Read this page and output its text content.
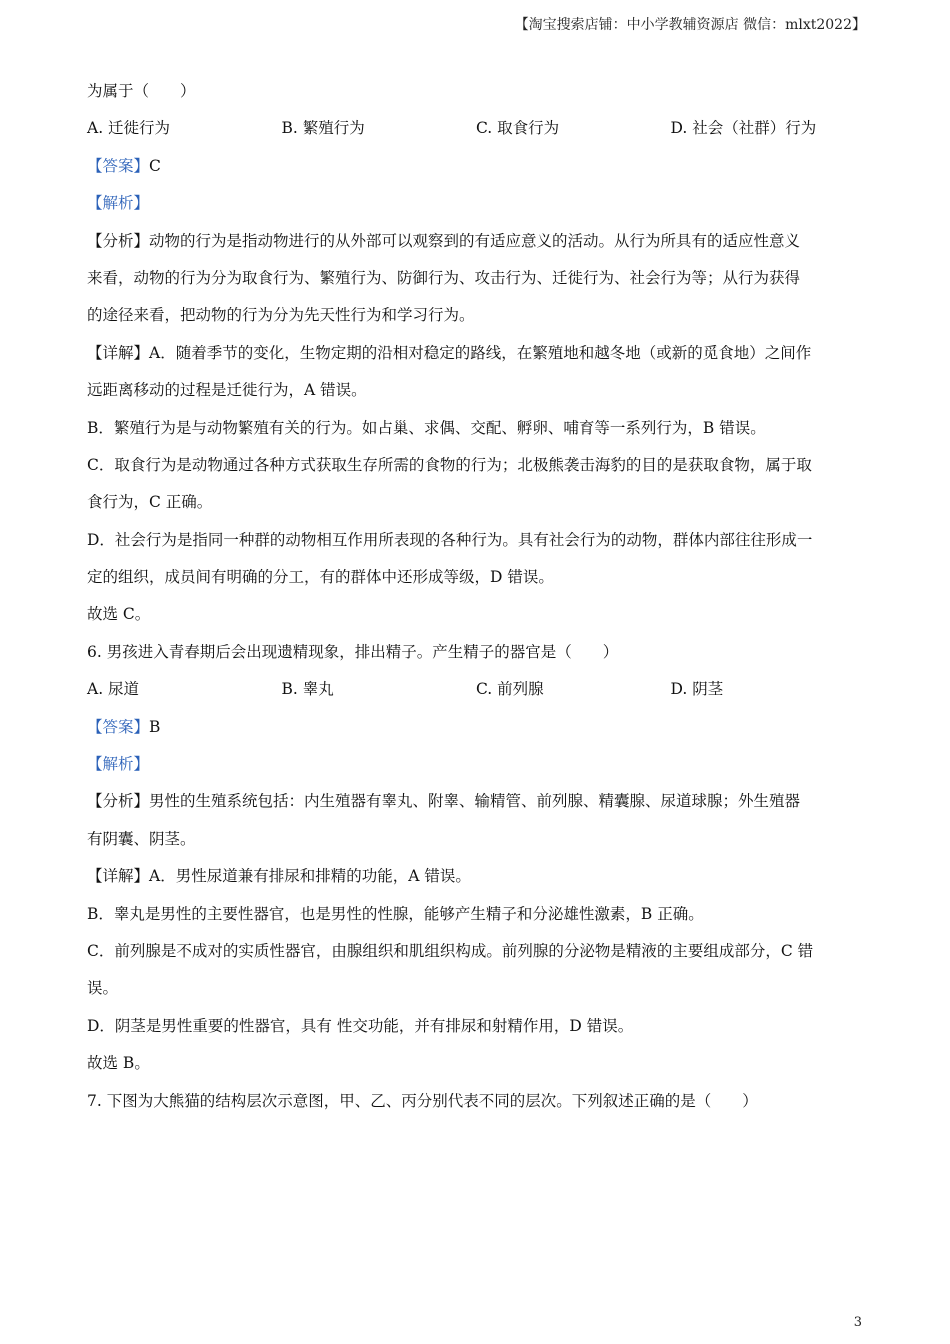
【淘宝搜索店铺：中小学教辅资源店 微信：mlxt2022】
为属于（　　）
A. 迁徙行为	B. 繁殖行为	C. 取食行为	D. 社会（社群）行为
【答案】C
【解析】
【分析】动物的行为是指动物进行的从外部可以观察到的有适应意义的活动。从行为所具有的适应性意义
来看，动物的行为分为取食行为、繁殖行为、防御行为、攻击行为、迁徙行为、社会行为等；从行为获得
的途径来看，把动物的行为分为先天性行为和学习行为。
【详解】A．随着季节的变化，生物定期的沿相对稳定的路线，在繁殖地和越冬地（或新的觅食地）之间作
远距离移动的过程是迁徙行为，A 错误。
B．繁殖行为是与动物繁殖有关的行为。如占巢、求偶、交配、孵卵、哺育等一系列行为，B 错误。
C．取食行为是动物通过各种方式获取生存所需的食物的行为；北极熊袭击海豹的目的是获取食物，属于取
食行为，C 正确。
D．社会行为是指同一种群的动物相互作用所表现的各种行为。具有社会行为的动物，群体内部往往形成一
定的组织，成员间有明确的分工，有的群体中还形成等级，D 错误。
故选 C。
6. 男孩进入青春期后会出现遗精现象，排出精子。产生精子的器官是（　　）
A. 尿道	B. 睾丸	C. 前列腺	D. 阴茎
【答案】B
【解析】
【分析】男性的生殖系统包括：内生殖器有睾丸、附睾、输精管、前列腺、精囊腺、尿道球腺；外生殖器
有阴囊、阴茎。
【详解】A．男性尿道兼有排尿和排精的功能，A 错误。
B．睾丸是男性的主要性器官，也是男性的性腺，能够产生精子和分泌雄性激素，B 正确。
C．前列腺是不成对的实质性器官，由腺组织和肌组织构成。前列腺的分泌物是精液的主要组成部分，C 错
误。
D．阴茎是男性重要的性器官，具有 性交功能，并有排尿和射精作用，D 错误。
故选 B。
7. 下图为大熊猫的结构层次示意图，甲、乙、丙分别代表不同的层次。下列叙述正确的是（　　）
3
